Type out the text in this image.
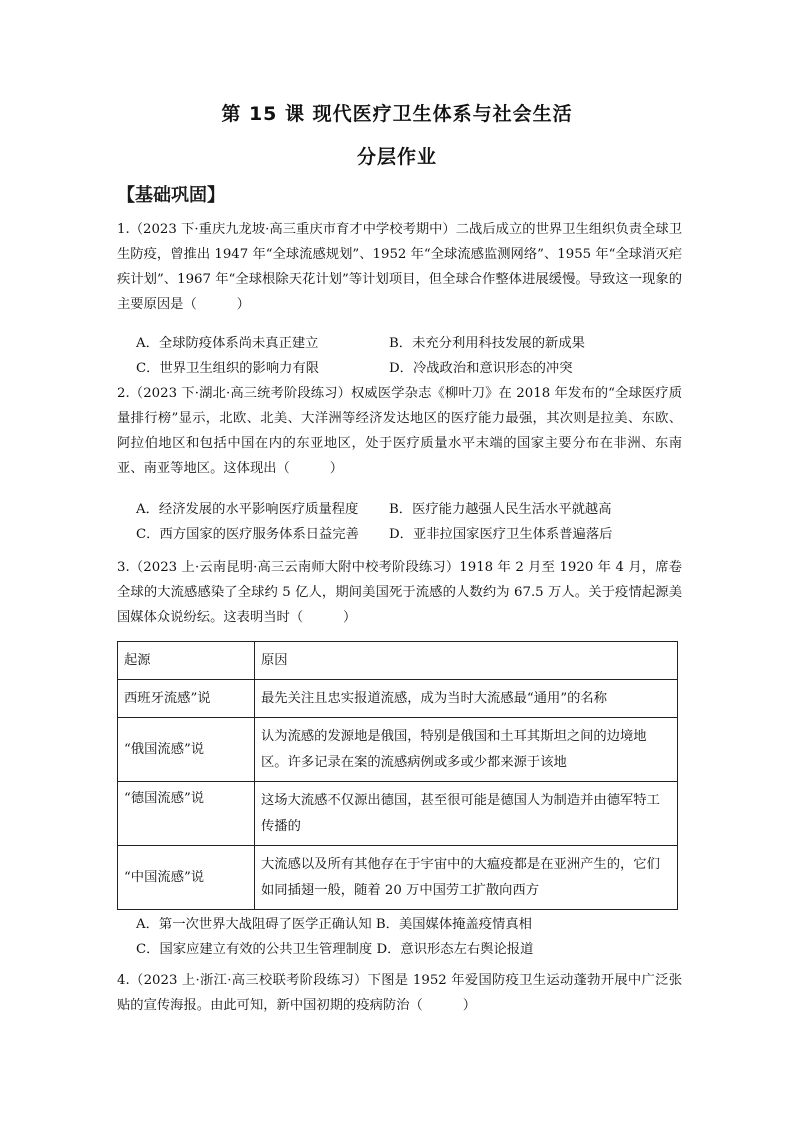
第 15 课 现代医疗卫生体系与社会生活
分层作业
【基础巩固】
1.（2023 下·重庆九龙坡·高三重庆市育才中学校考期中）二战后成立的世界卫生组织负责全球卫生防疫，曾推出 1947 年“全球流感规划”、1952 年“全球流感监测网络”、1955 年“全球消灭疟疾计划”、1967 年“全球根除天花计划”等计划项目，但全球合作整体进展缓慢。导致这一现象的主要原因是（　　　）
A．全球防疫体系尚未真正建立	B．未充分利用科技发展的新成果
C．世界卫生组织的影响力有限	D．冷战政治和意识形态的冲突
2.（2023 下·湖北·高三统考阶段练习）权威医学杂志《柳叶刀》在 2018 年发布的“全球医疗质量排行榜”显示，北欧、北美、大洋洲等经济发达地区的医疗能力最强，其次则是拉美、东欧、阿拉伯地区和包括中国在内的东亚地区，处于医疗质量水平末端的国家主要分布在非洲、东南亚、南亚等地区。这体现出（　　　）
A．经济发展的水平影响医疗质量程度	B．医疗能力越强人民生活水平就越高
C．西方国家的医疗服务体系日益完善	D．亚非拉国家医疗卫生体系普遍落后
3.（2023 上·云南昆明·高三云南师大附中校考阶段练习）1918 年 2 月至 1920 年 4 月，席卷全球的大流感感染了全球约 5 亿人，期间美国死于流感的人数约为 67.5 万人。关于疫情起源美国媒体众说纷纭。这表明当时（　　　）
起源	原因
西班牙流感”说	最先关注且忠实报道流感，成为当时大流感最“通用”的名称
“俄国流感”说	认为流感的发源地是俄国，特别是俄国和土耳其斯坦之间的边境地区。许多记录在案的流感病例或多或少都来源于该地
“德国流感”说	这场大流感不仅源出德国，甚至很可能是德国人为制造并由德军特工传播的
“中国流感”说	大流感以及所有其他存在于宇宙中的大瘟疫都是在亚洲产生的，它们如同插翅一般，随着 20 万中国劳工扩散向西方
A．第一次世界大战阻碍了医学正确认知 B．美国媒体掩盖疫情真相
C．国家应建立有效的公共卫生管理制度 D．意识形态左右舆论报道
4.（2023 上·浙江·高三校联考阶段练习）下图是 1952 年爱国防疫卫生运动蓬勃开展中广泛张贴的宣传海报。由此可知，新中国初期的疫病防治（　　　）
